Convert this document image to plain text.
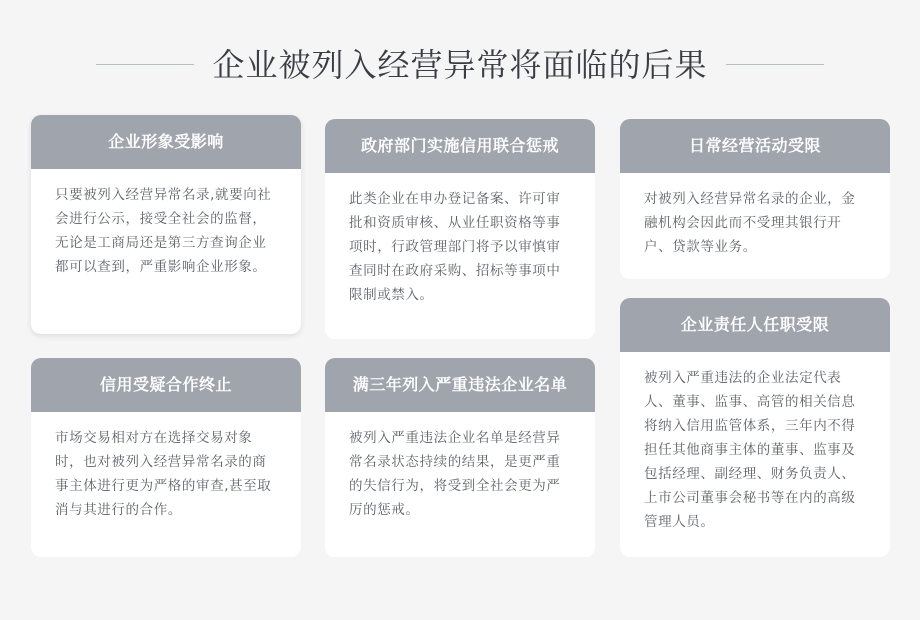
企业被列入经营异常将面临的后果
企业形象受影响
只要被列入经营异常名录,就要向社会进行公示，接受全社会的监督，无论是工商局还是第三方查询企业都可以查到，严重影响企业形象。
政府部门实施信用联合惩戒
此类企业在申办登记备案、许可审批和资质审核、从业任职资格等事项时，行政管理部门将予以审慎审查同时在政府采购、招标等事项中限制或禁入。
日常经营活动受限
对被列入经营异常名录的企业，金融机构会因此而不受理其银行开户、贷款等业务。
信用受疑合作终止
市场交易相对方在选择交易对象时，也对被列入经营异常名录的商事主体进行更为严格的审查,甚至取消与其进行的合作。
满三年列入严重违法企业名单
被列入严重违法企业名单是经营异常名录状态持续的结果，是更严重的失信行为，将受到全社会更为严厉的惩戒。
企业责任人任职受限
被列入严重违法的企业法定代表人、董事、监事、高管的相关信息将纳入信用监管体系，三年内不得担任其他商事主体的董事、监事及包括经理、副经理、财务负责人、上市公司董事会秘书等在内的高级管理人员。
